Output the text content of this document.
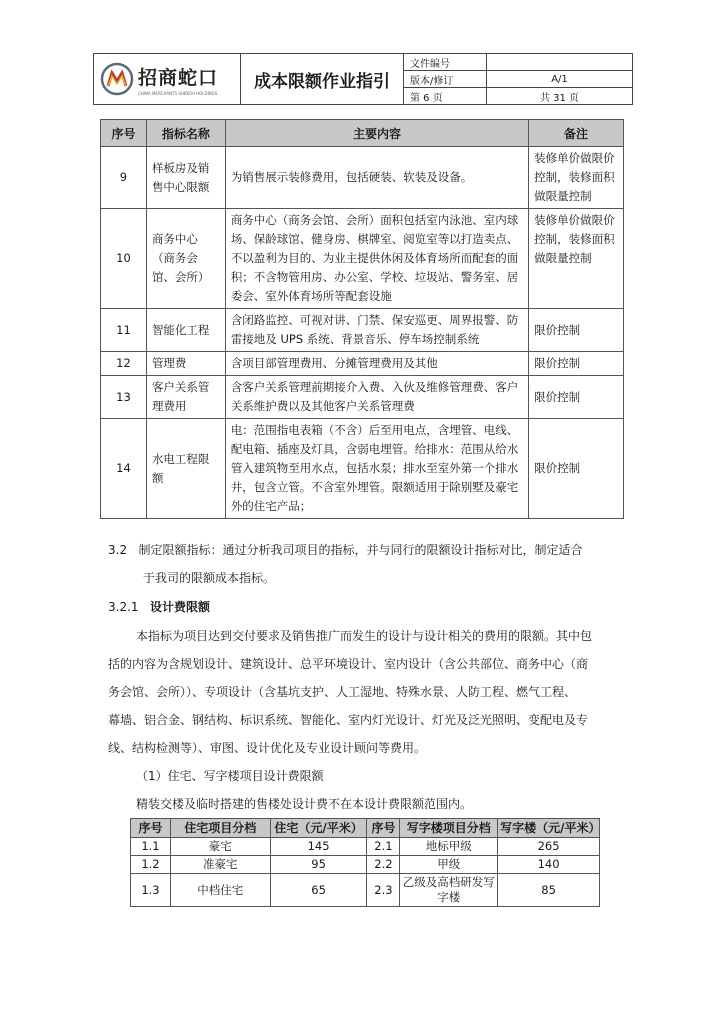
招商蛇口
CHINA MERCHANTS SHEKOU HOLDINGS	成本限额作业指引	文件编号	
		版本/修订	A/1
		第 6 页	共 31 页
序号	指标名称	主要内容	备注
9	样板房及销售中心限额	为销售展示装修费用，包括硬装、软装及设备。	装修单价做限价控制，装修面积做限量控制
10	商务中心（商务会馆、会所）	商务中心（商务会馆、会所）面积包括室内泳池、室内球场、保龄球馆、健身房、棋牌室、阅览室等以打造卖点、不以盈利为目的、为业主提供休闲及体育场所而配套的面积；不含物管用房、办公室、学校、垃圾站、警务室、居委会、室外体育场所等配套设施	装修单价做限价控制，装修面积做限量控制
11	智能化工程	含闭路监控、可视对讲、门禁、保安巡更、周界报警、防雷接地及 UPS 系统、背景音乐、停车场控制系统	限价控制
12	管理费	含项目部管理费用、分摊管理费用及其他	限价控制
13	客户关系管理费用	含客户关系管理前期接介入费、入伙及维修管理费、客户关系维护费以及其他客户关系管理费	限价控制
14	水电工程限额	电：范围指电表箱（不含）后至用电点，含埋管、电线、配电箱、插座及灯具，含弱电埋管。给排水：范围从给水管入建筑物至用水点，包括水泵；排水至室外第一个排水井，包含立管。不含室外埋管。限额适用于除别墅及豪宅外的住宅产品；	限价控制
3.2 制定限额指标：通过分析我司项目的指标，并与同行的限额设计指标对比，制定适合
于我司的限额成本指标。
3.2.1 设计费限额
本指标为项目达到交付要求及销售推广而发生的设计与设计相关的费用的限额。其中包
括的内容为含规划设计、建筑设计、总平环境设计、室内设计（含公共部位、商务中心（商
务会馆、会所））、专项设计（含基坑支护、人工湿地、特殊水景、人防工程、燃气工程、
幕墙、铝合金、钢结构、标识系统、智能化、室内灯光设计、灯光及泛光照明、变配电及专
线、结构检测等）、审图、设计优化及专业设计顾问等费用。
（1）住宅、写字楼项目设计费限额
精装交楼及临时搭建的售楼处设计费不在本设计费限额范围内。
序号	住宅项目分档	住宅（元/平米）	序号	写字楼项目分档	写字楼（元/平米）
1.1	豪宅	145	2.1	地标甲级	265
1.2	准豪宅	95	2.2	甲级	140
1.3	中档住宅	65	2.3	乙级及高档研发写字楼	85
